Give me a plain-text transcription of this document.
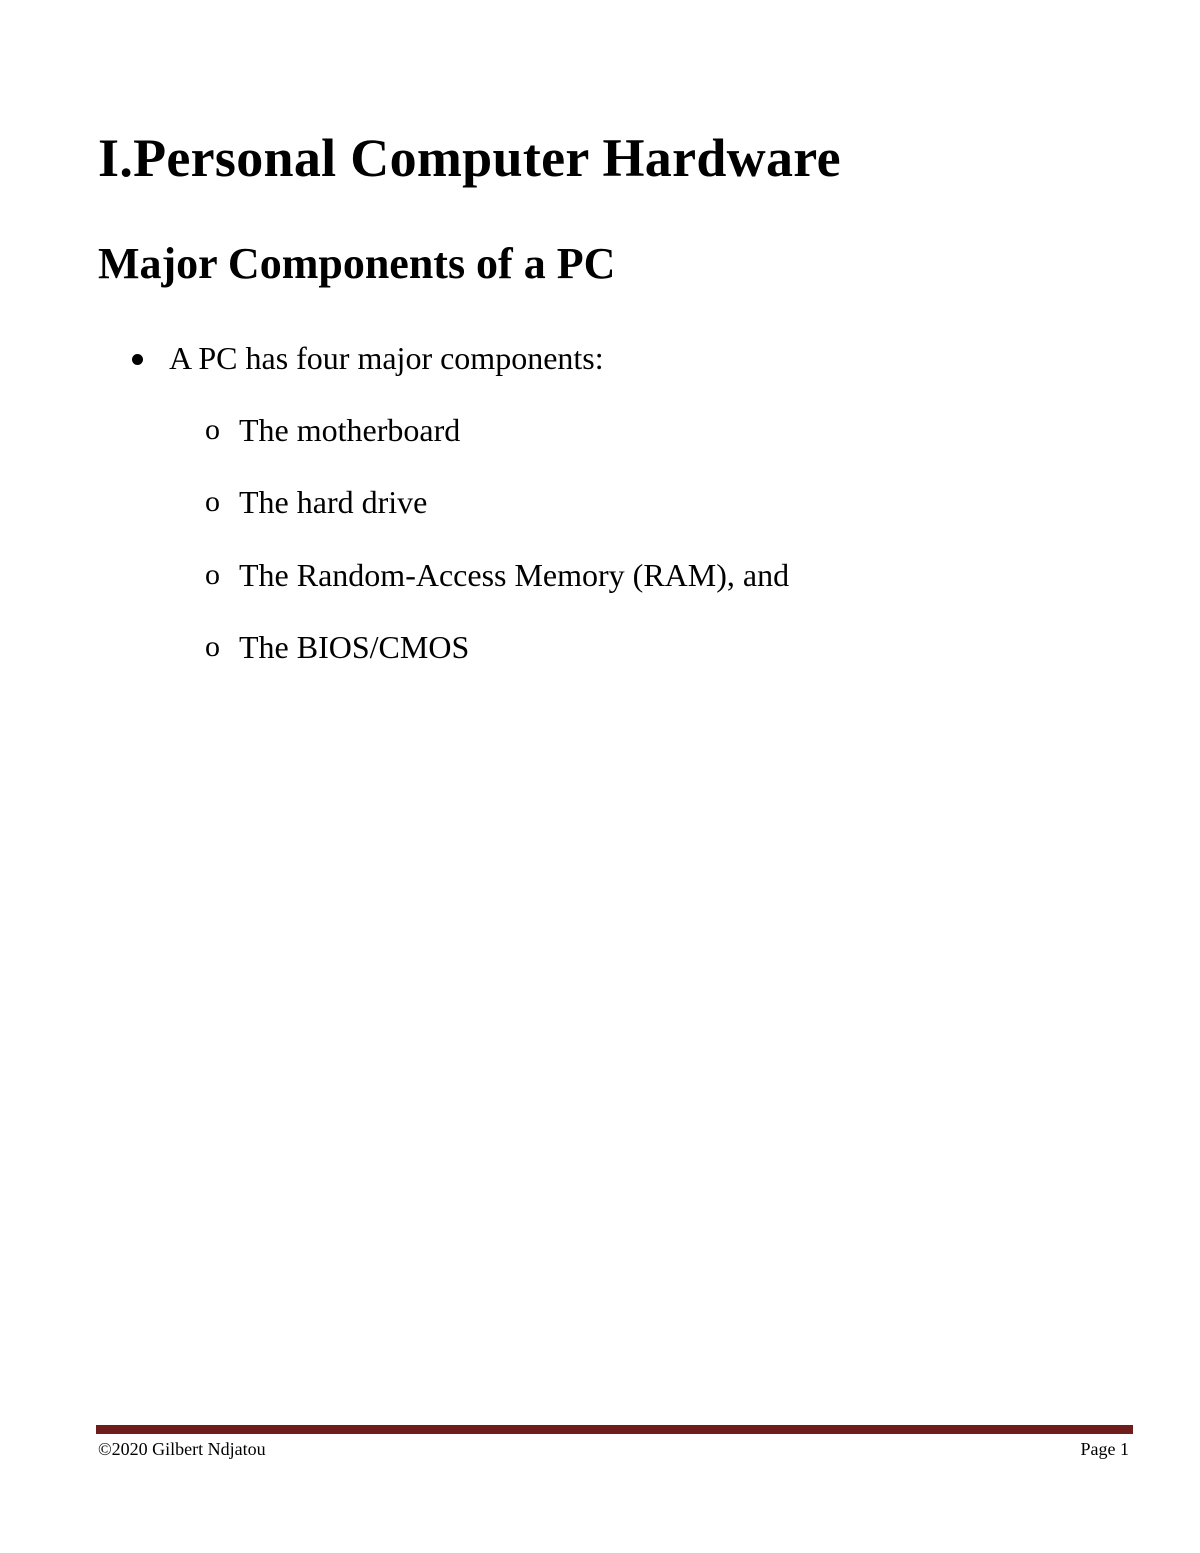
I.Personal Computer Hardware
Major Components of a PC
A PC has four major components:
o The motherboard
o The hard drive
o The Random-Access Memory (RAM), and
o The BIOS/CMOS
©2020 Gilbert Ndjatou	Page 1
